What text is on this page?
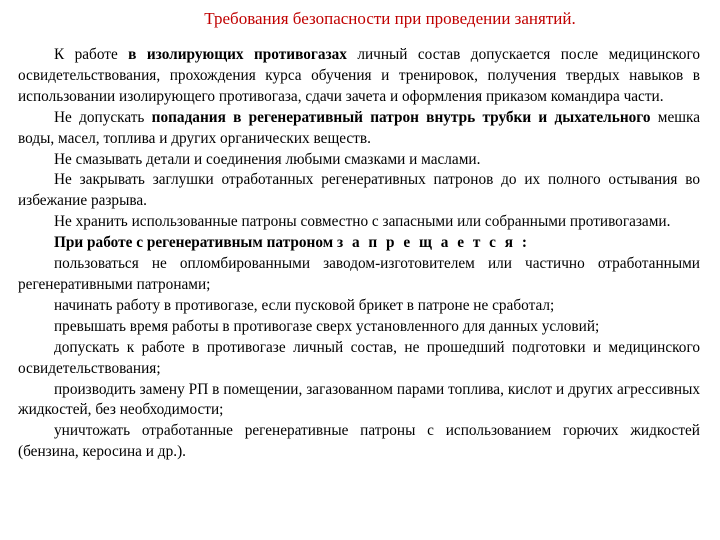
Требования безопасности при проведении занятий.

К работе в изолирующих противогазах личный состав допускается после медицинского освидетельствования, прохождения курса обучения и тренировок, получения твердых навыков в использовании изолирующего противогаза, сдачи зачета и оформления приказом командира части.

Не допускать попадания в регенеративный патрон внутрь трубки и дыхательного мешка воды, масел, топлива и других органических веществ.

Не смазывать детали и соединения любыми смазками и маслами.

Не закрывать заглушки отработанных регенеративных патронов до их полного остывания во избежание разрыва.

Не хранить использованные патроны совместно с запасными или собранными противогазами.

При работе с регенеративным патроном з а п р е щ а е т с я :

пользоваться не опломбированными заводом-изготовителем или частично отработанными регенеративными патронами;

начинать работу в противогазе, если пусковой брикет в патроне не сработал;

превышать время работы в противогазе сверх установленного для данных условий;

допускать к работе в противогазе личный состав, не прошедший подготовки и медицинского освидетельствования;

производить замену РП в помещении, загазованном парами топлива, кислот и других агрессивных жидкостей, без необходимости;

уничтожать отработанные регенеративные патроны с использованием горючих жидкостей (бензина, керосина и др.).
